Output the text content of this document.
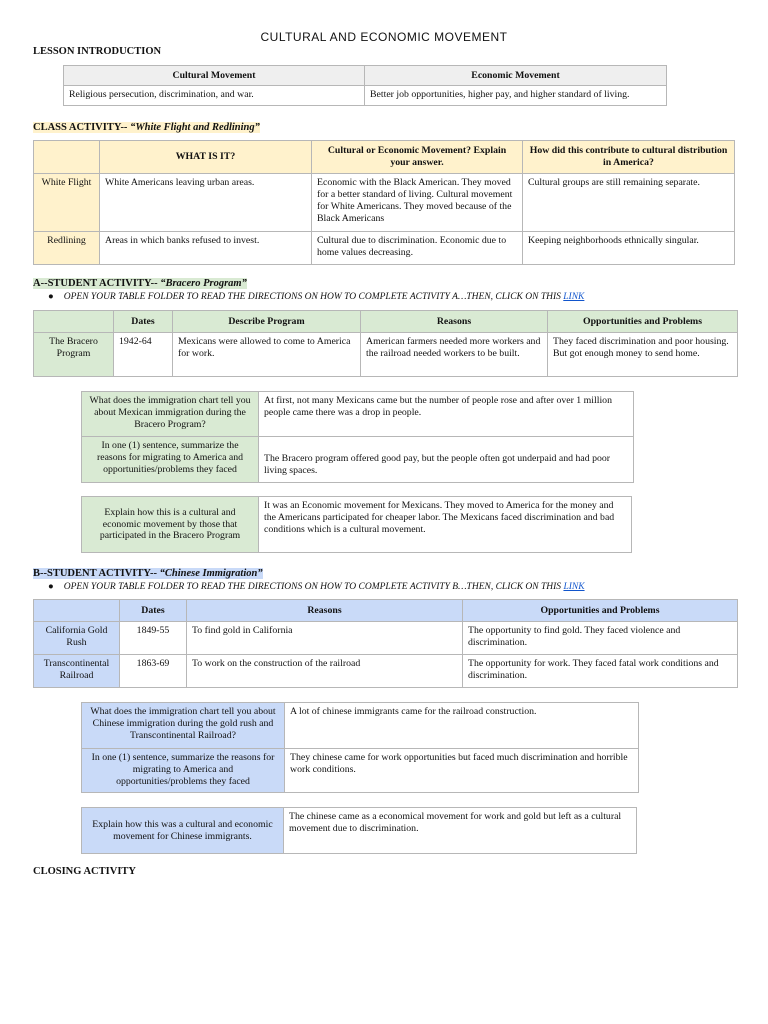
CULTURAL AND ECONOMIC MOVEMENT
LESSON INTRODUCTION
Cultural Movement	Economic Movement
Religious persecution, discrimination, and war.	Better job opportunities, higher pay, and higher standard of living.
CLASS ACTIVITY-- “White Flight and Redlining”
	WHAT IS IT?	Cultural or Economic Movement? Explain your answer.	How did this contribute to cultural distribution in America?
White Flight	White Americans leaving urban areas.	Economic with the Black American. They moved for a better standard of living. Cultural movement for White Americans. They moved because of the Black Americans	Cultural groups are still remaining separate.
Redlining	Areas in which banks refused to invest.	Cultural due to discrimination. Economic due to home values decreasing.	Keeping neighborhoods ethnically singular.
A--STUDENT ACTIVITY-- “Bracero Program”
● OPEN YOUR TABLE FOLDER TO READ THE DIRECTIONS ON HOW TO COMPLETE ACTIVITY A…THEN, CLICK ON THIS LINK
	Dates	Describe Program	Reasons	Opportunities and Problems
The Bracero Program	1942-64	Mexicans were allowed to come to America for work.	American farmers needed more workers and the railroad needed workers to be built.	They faced discrimination and poor housing. But got enough money to send home.
What does the immigration chart tell you about Mexican immigration during the Bracero Program?	At first, not many Mexicans came but the number of people rose and after over 1 million people came there was a drop in people.
In one (1) sentence, summarize the reasons for migrating to America and opportunities/problems they faced	The Bracero program offered good pay, but the people often got underpaid and had poor living spaces.
Explain how this is a cultural and economic movement by those that participated in the Bracero Program	It was an Economic movement for Mexicans. They moved to America for the money and the Americans participated for cheaper labor. The Mexicans faced discrimination and bad conditions which is a cultural movement.
B--STUDENT ACTIVITY-- “Chinese Immigration”
● OPEN YOUR TABLE FOLDER TO READ THE DIRECTIONS ON HOW TO COMPLETE ACTIVITY B…THEN, CLICK ON THIS LINK
	Dates	Reasons	Opportunities and Problems
California Gold Rush	1849-55	To find gold in California	The opportunity to find gold. They faced violence and discrimination.
Transcontinental Railroad	1863-69	To work on the construction of the railroad	The opportunity for work. They faced fatal work conditions and discrimination.
What does the immigration chart tell you about Chinese immigration during the gold rush and Transcontinental Railroad?	A lot of chinese immigrants came for the railroad construction.
In one (1) sentence, summarize the reasons for migrating to America and opportunities/problems they faced	They chinese came for work opportunities but faced much discrimination and horrible work conditions.
Explain how this was a cultural and economic movement for Chinese immigrants.	The chinese came as a economical movement for work and gold but left as a cultural movement due to discrimination.
CLOSING ACTIVITY
